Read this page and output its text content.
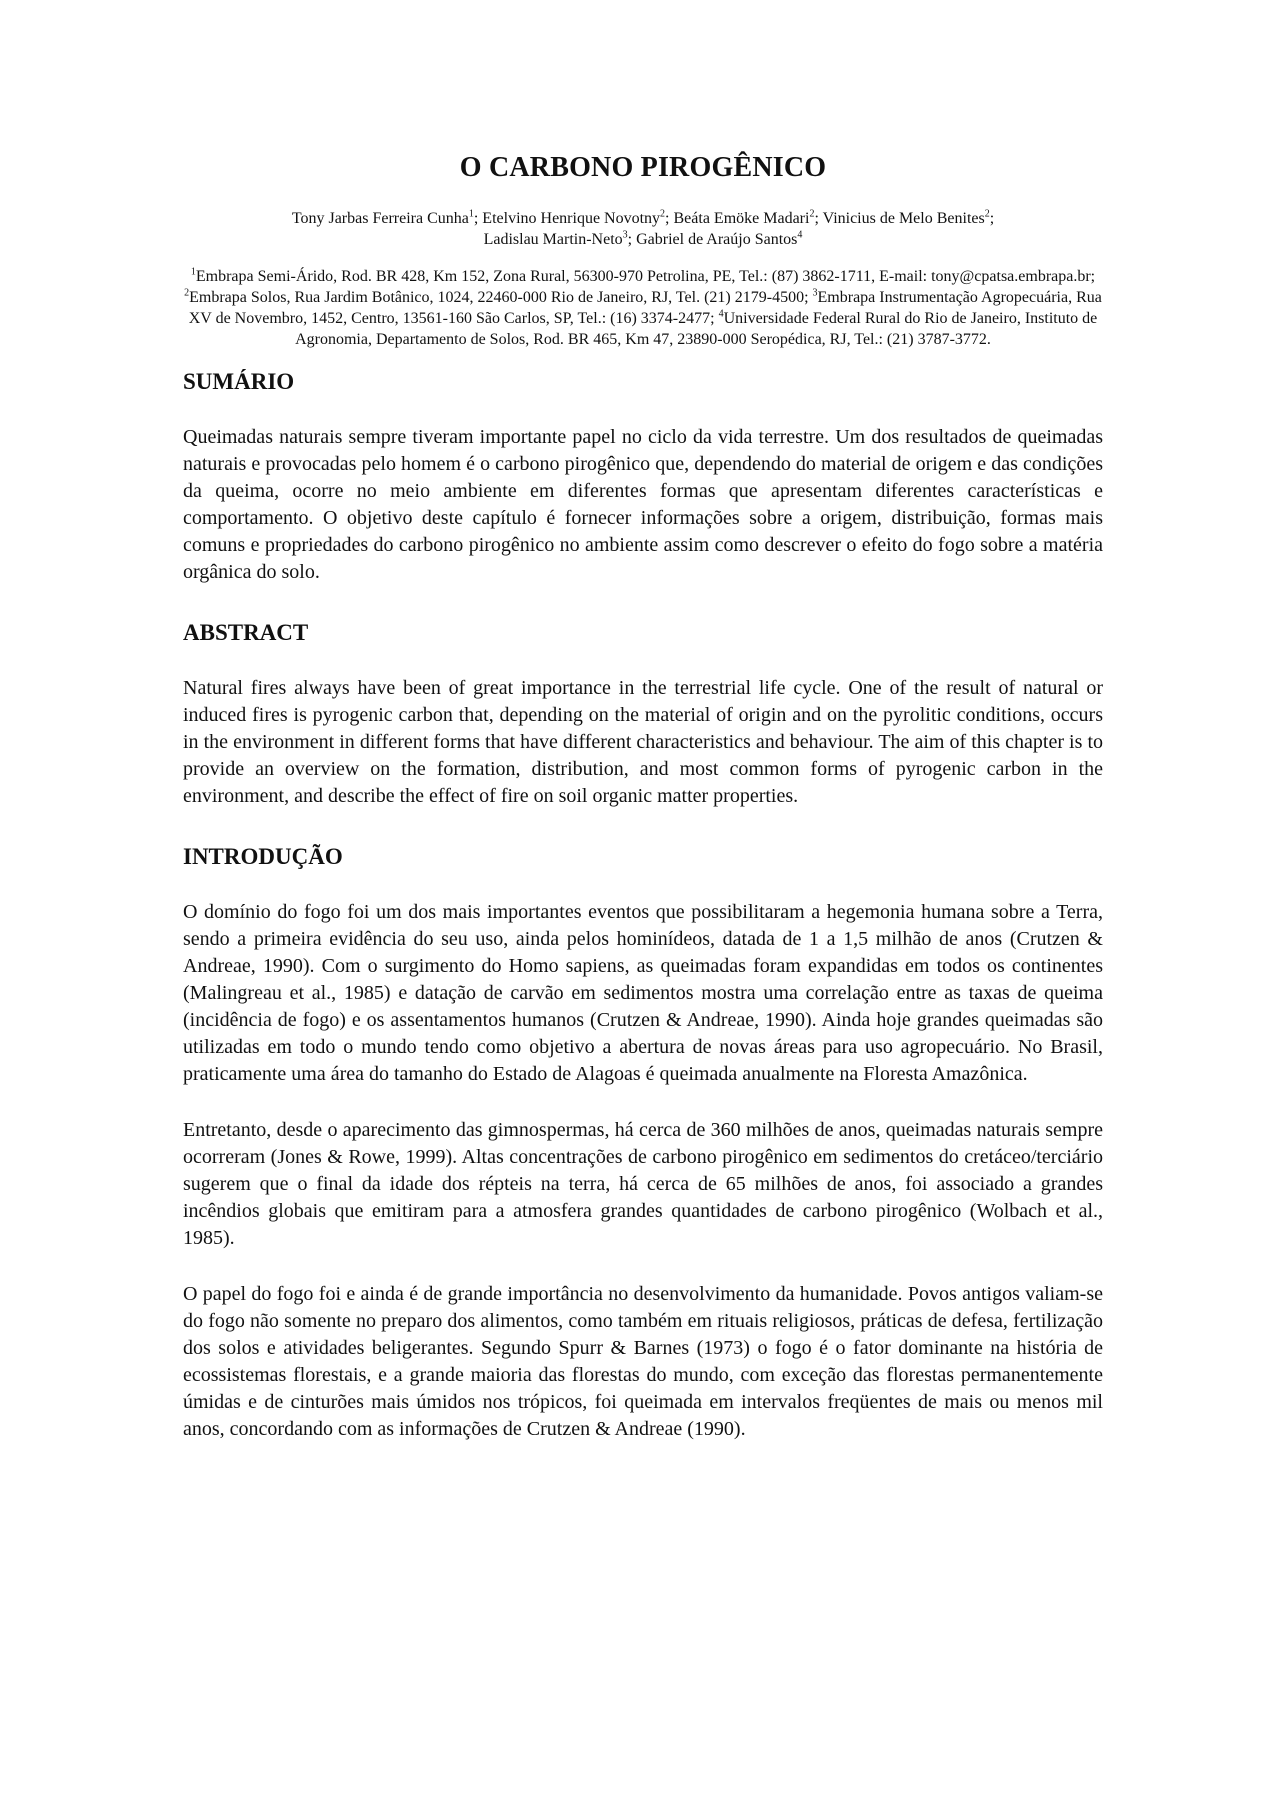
O CARBONO PIROGÊNICO

Tony Jarbas Ferreira Cunha$^1$; Etelvino Henrique Novotny$^2$; Beáta Emöke Madari$^2$; Vinicius de Melo Benites$^2$;
Ladislau Martin-Neto$^3$; Gabriel de Araújo Santos$^4$

$^1$Embrapa Semi-Árido, Rod. BR 428, Km 152, Zona Rural, 56300-970 Petrolina, PE, Tel.: (87) 3862-1711, E-mail: tony@cpatsa.embrapa.br; $^2$Embrapa Solos, Rua Jardim Botânico, 1024, 22460-000 Rio de Janeiro, RJ, Tel. (21) 2179-4500; $^3$Embrapa Instrumentação Agropecuária, Rua XV de Novembro, 1452, Centro, 13561-160 São Carlos, SP, Tel.: (16) 3374-2477; $^4$Universidade Federal Rural do Rio de Janeiro, Instituto de Agronomia, Departamento de Solos, Rod. BR 465, Km 47, 23890-000 Seropédica, RJ, Tel.: (21) 3787-3772.

SUMÁRIO

Queimadas naturais sempre tiveram importante papel no ciclo da vida terrestre. Um dos resultados de queimadas naturais e provocadas pelo homem é o carbono pirogênico que, dependendo do material de origem e das condições da queima, ocorre no meio ambiente em diferentes formas que apresentam diferentes características e comportamento. O objetivo deste capítulo é fornecer informações sobre a origem, distribuição, formas mais comuns e propriedades do carbono pirogênico no ambiente assim como descrever o efeito do fogo sobre a matéria orgânica do solo.

ABSTRACT

Natural fires always have been of great importance in the terrestrial life cycle. One of the result of natural or induced fires is pyrogenic carbon that, depending on the material of origin and on the pyrolitic conditions, occurs in the environment in different forms that have different characteristics and behaviour. The aim of this chapter is to provide an overview on the formation, distribution, and most common forms of pyrogenic carbon in the environment, and describe the effect of fire on soil organic matter properties.

INTRODUÇÃO

O domínio do fogo foi um dos mais importantes eventos que possibilitaram a hegemonia humana sobre a Terra, sendo a primeira evidência do seu uso, ainda pelos hominídeos, datada de 1 a 1,5 milhão de anos (Crutzen & Andreae, 1990). Com o surgimento do Homo sapiens, as queimadas foram expandidas em todos os continentes (Malingreau et al., 1985) e datação de carvão em sedimentos mostra uma correlação entre as taxas de queima (incidência de fogo) e os assentamentos humanos (Crutzen & Andreae, 1990). Ainda hoje grandes queimadas são utilizadas em todo o mundo tendo como objetivo a abertura de novas áreas para uso agropecuário. No Brasil, praticamente uma área do tamanho do Estado de Alagoas é queimada anualmente na Floresta Amazônica.

Entretanto, desde o aparecimento das gimnospermas, há cerca de 360 milhões de anos, queimadas naturais sempre ocorreram (Jones & Rowe, 1999). Altas concentrações de carbono pirogênico em sedimentos do cretáceo/terciário sugerem que o final da idade dos répteis na terra, há cerca de 65 milhões de anos, foi associado a grandes incêndios globais que emitiram para a atmosfera grandes quantidades de carbono pirogênico (Wolbach et al., 1985).

O papel do fogo foi e ainda é de grande importância no desenvolvimento da humanidade. Povos antigos valiam-se do fogo não somente no preparo dos alimentos, como também em rituais religiosos, práticas de defesa, fertilização dos solos e atividades beligerantes. Segundo Spurr & Barnes (1973) o fogo é o fator dominante na história de ecossistemas florestais, e a grande maioria das florestas do mundo, com exceção das florestas permanentemente úmidas e de cinturões mais úmidos nos trópicos, foi queimada em intervalos freqüentes de mais ou menos mil anos, concordando com as informações de Crutzen & Andreae (1990).
